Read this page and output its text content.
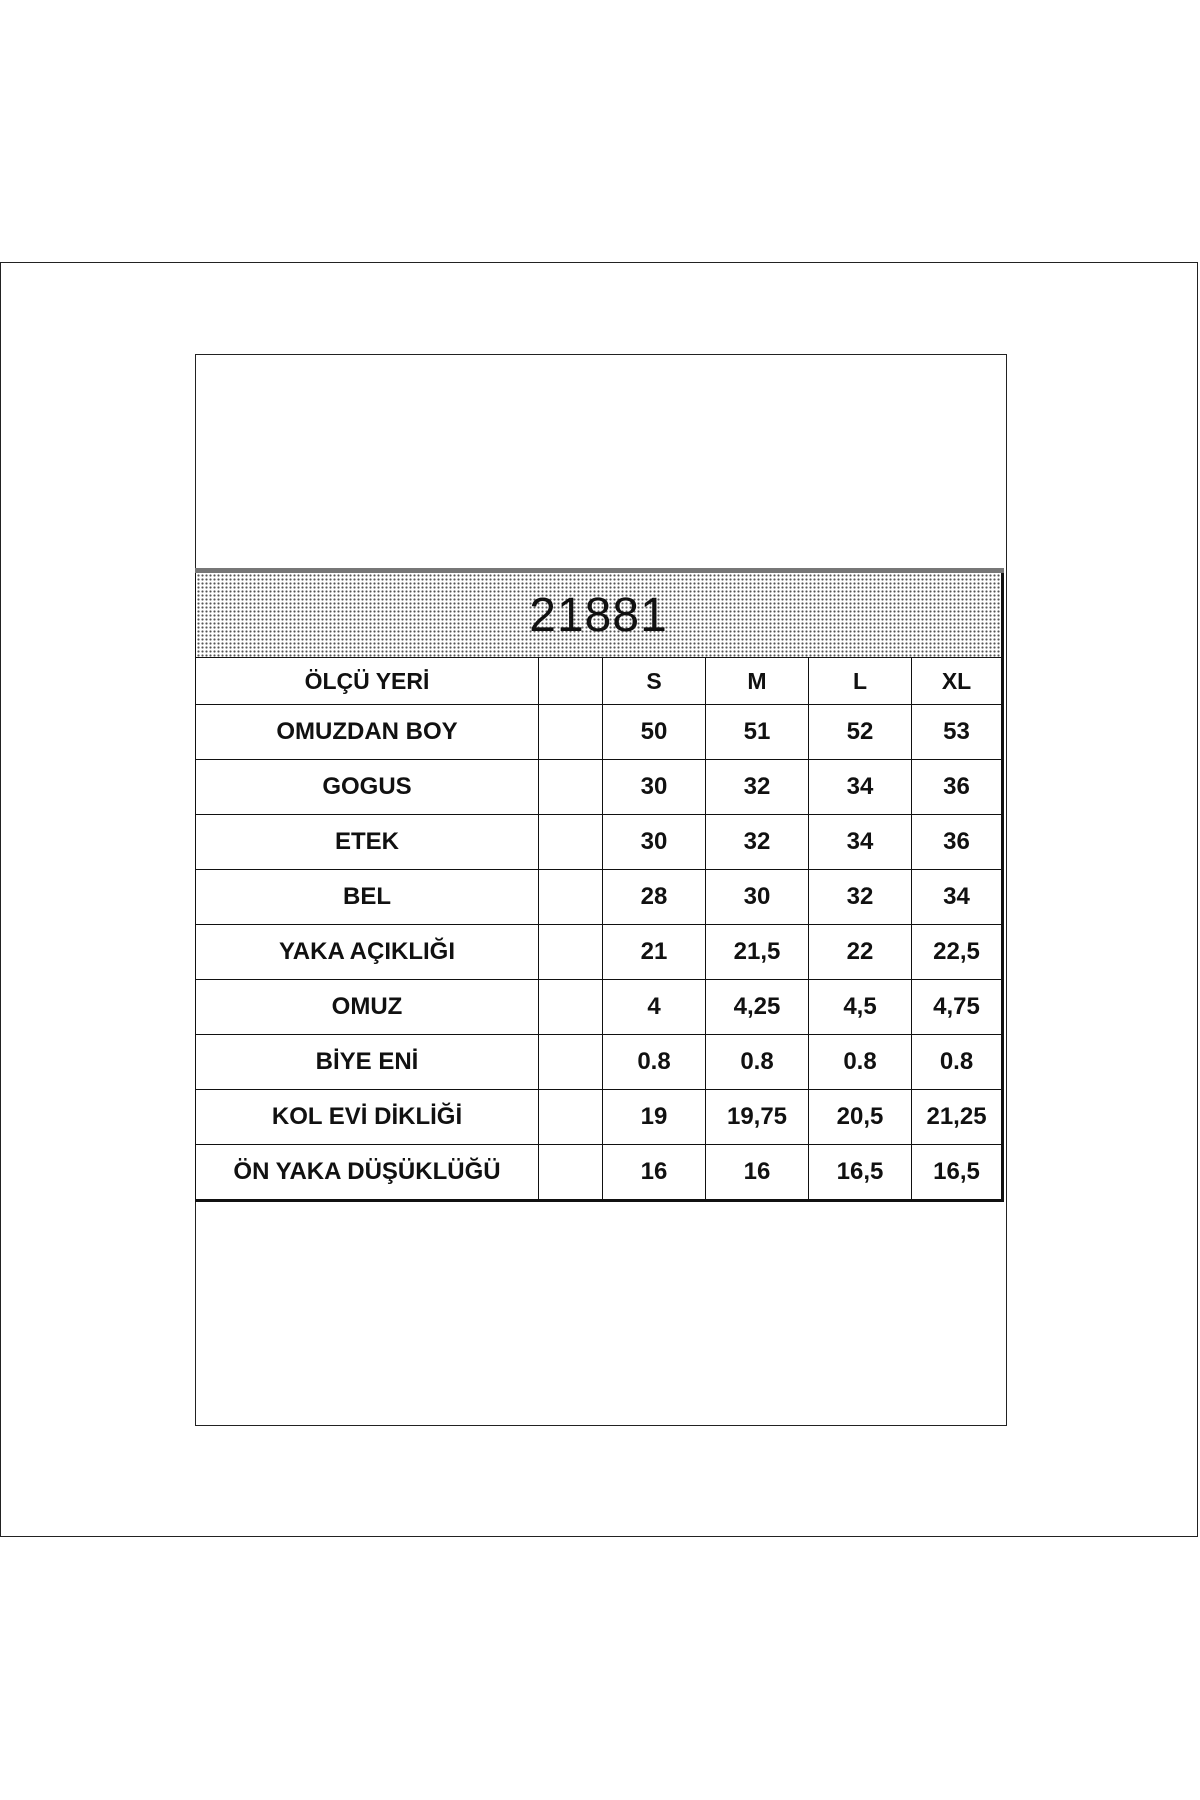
21881					
ÖLÇÜ YERİ		S	M	L	XL
OMUZDAN BOY		50	51	52	53
GOGUS		30	32	34	36
ETEK		30	32	34	36
BEL		28	30	32	34
YAKA AÇIKLIĞI		21	21,5	22	22,5
OMUZ		4	4,25	4,5	4,75
BİYE ENİ		0.8	0.8	0.8	0.8
KOL EVİ DİKLİĞİ		19	19,75	20,5	21,25
ÖN YAKA DÜŞÜKLÜĞÜ		16	16	16,5	16,5
